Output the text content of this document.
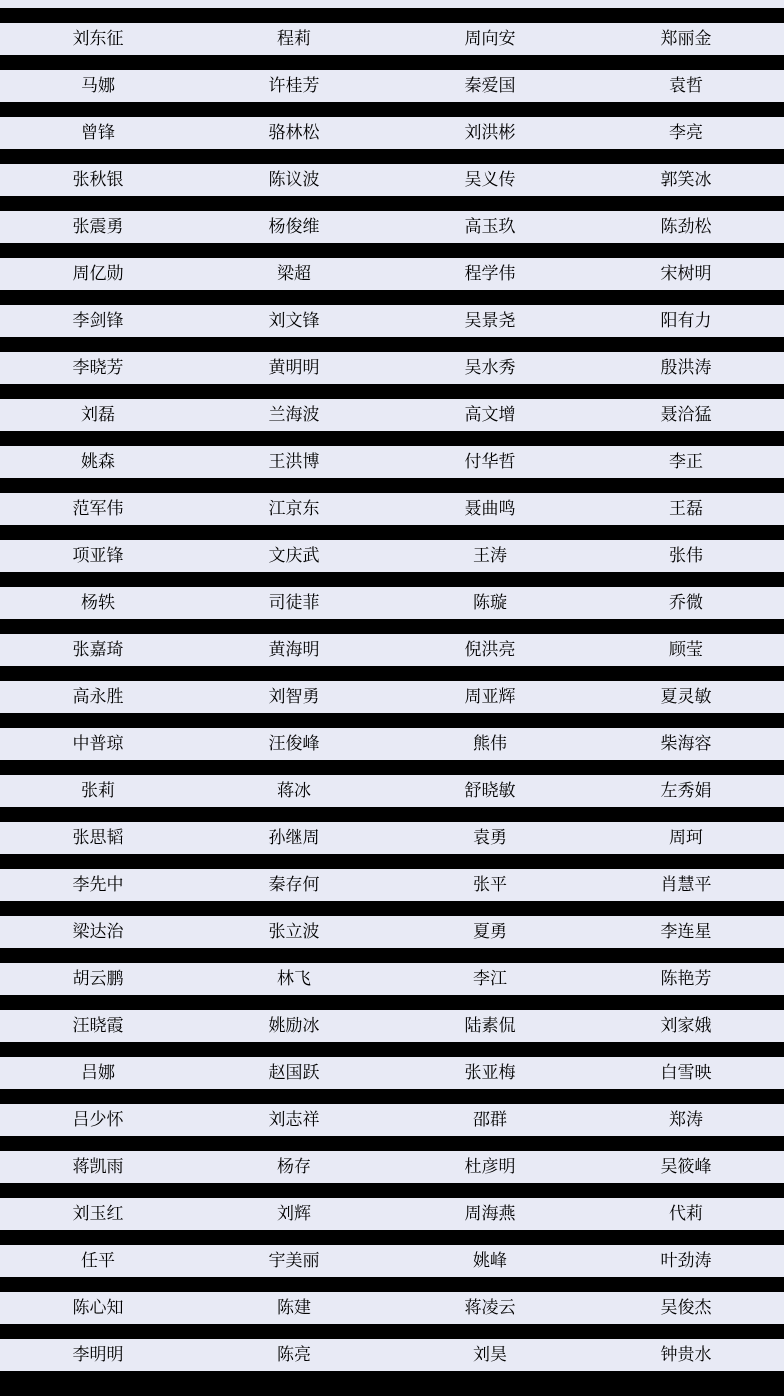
刘东征	程莉	周向安	郑丽金

马娜	许桂芳	秦爱国	袁哲

曾锋	骆林松	刘洪彬	李亮

张秋银	陈议波	吴义传	郭笑冰

张震勇	杨俊维	高玉玖	陈劲松

周亿勋	梁超	程学伟	宋树明

李剑锋	刘文锋	吴景尧	阳有力

李晓芳	黄明明	吴水秀	殷洪涛

刘磊	兰海波	高文增	聂洽猛

姚森	王洪博	付华哲	李正

范军伟	江京东	聂曲鸣	王磊

项亚锋	文庆武	王涛	张伟

杨轶	司徒菲	陈璇	乔微

张嘉琦	黄海明	倪洪亮	顾莹

高永胜	刘智勇	周亚辉	夏灵敏

中普琼	汪俊峰	熊伟	柴海容

张莉	蒋冰	舒晓敏	左秀娟

张思韬	孙继周	袁勇	周珂

李先中	秦存何	张平	肖慧平

梁达治	张立波	夏勇	李连星

胡云鹏	林飞	李江	陈艳芳

汪晓霞	姚励冰	陆素侃	刘家娥

吕娜	赵国跃	张亚梅	白雪映

吕少怀	刘志祥	邵群	郑涛

蒋凯雨	杨存	杜彦明	吴筱峰

刘玉红	刘辉	周海燕	代莉

任平	宇美丽	姚峰	叶劲涛

陈心知	陈建	蒋凌云	吴俊杰

李明明	陈亮	刘昊	钟贵水
